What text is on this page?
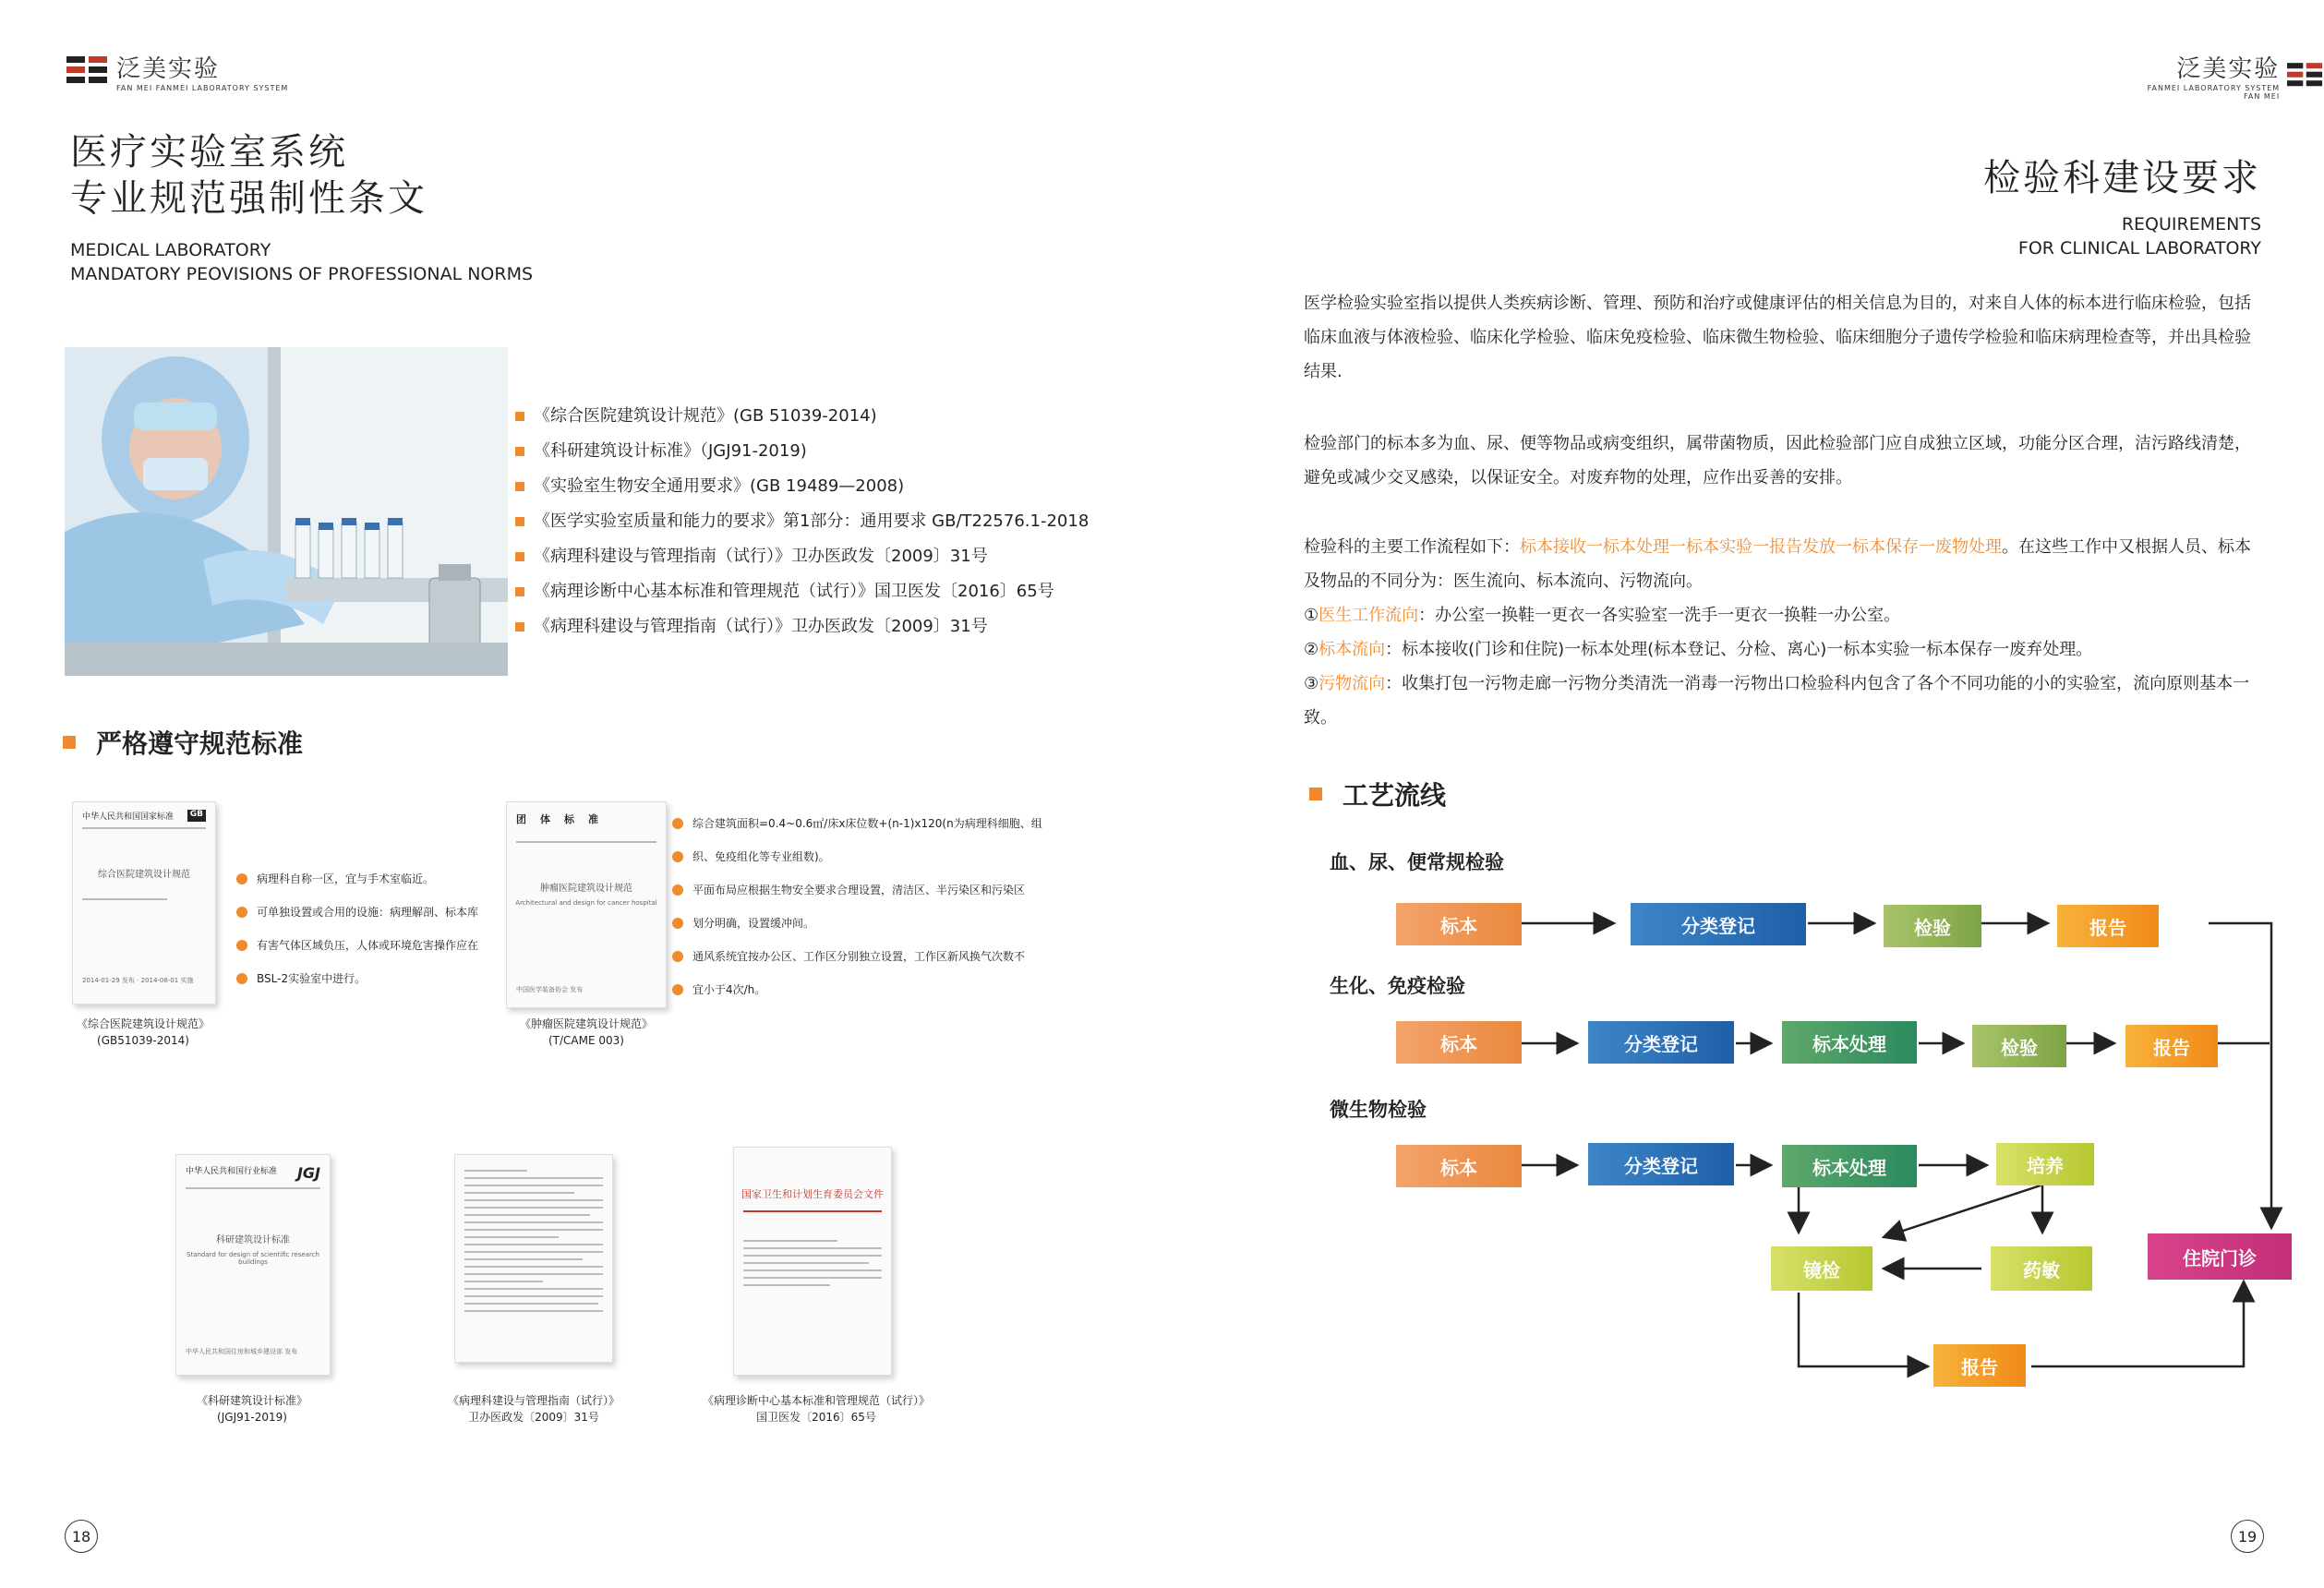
泛美实验
FAN MEI FANMEI LABORATORY SYSTEM
医疗实验室系统
专业规范强制性条文
MEDICAL LABORATORY
MANDATORY PEOVISIONS OF PROFESSIONAL NORMS
《综合医院建筑设计规范》(GB 51039-2014)
《科研建筑设计标准》（JGJ91-2019)
《实验室生物安全通用要求》(GB 19489—2008)
《医学实验室质量和能力的要求》第1部分：通用要求 GB/T22576.1-2018
《病理科建设与管理指南（试行）》卫办医政发〔2009〕31号
《病理诊断中心基本标准和管理规范（试行）》国卫医发〔2016〕65号
《病理科建设与管理指南（试行）》卫办医政发〔2009〕31号
严格遵守规范标准
中华人民共和国国家标准	GB
综合医院建筑设计规范
2014-01-29 发布 · 2014-08-01 实施
《综合医院建筑设计规范》
(GB51039-2014)
病理科自称一区，宜与手术室临近。
可单独设置或合用的设施：病理解剖、标本库
有害气体区域负压，人体或环境危害操作应在
BSL-2实验室中进行。
团　体　标　准
肿瘤医院建筑设计规范
Architectural and design for cancer hospital
中国医学装备协会 发布
《肿瘤医院建筑设计规范》
(T/CAME 003)
综合建筑面积=0.4~0.6㎡/床x床位数+(n-1)x120(n为病理科细胞、组
织、免疫组化等专业组数)。
平面布局应根据生物安全要求合理设置，清洁区、半污染区和污染区
划分明确，设置缓冲间。
通风系统宜按办公区、工作区分别独立设置，工作区新风换气次数不
宜小于4次/h。
中华人民共和国行业标准 JGJ
科研建筑设计标准
Standard for design of scientific research buildings
中华人民共和国住房和城乡建设部 发布
《科研建筑设计标准》
(JGJ91-2019)
《病理科建设与管理指南（试行）》
卫办医政发〔2009〕31号
国家卫生和计划生育委员会文件
《病理诊断中心基本标准和管理规范（试行）》
国卫医发〔2016〕65号
18
泛美实验
FANMEI LABORATORY SYSTEM FAN MEI
检验科建设要求
REQUIREMENTS
FOR CLINICAL LABORATORY
医学检验实验室指以提供人类疾病诊断、管理、预防和治疗或健康评估的相关信息为目的，对来自人体的标本进行临床检验，包括临床血液与体液检验、临床化学检验、临床免疫检验、临床微生物检验、临床细胞分子遗传学检验和临床病理检查等，并出具检验结果.
检验部门的标本多为血、尿、便等物品或病变组织，属带菌物质，因此检验部门应自成独立区域，功能分区合理，洁污路线清楚，避免或减少交叉感染，以保证安全。对废弃物的处理，应作出妥善的安排。
检验科的主要工作流程如下：标本接收一标本处理一标本实验一报告发放一标本保存一废物处理。在这些工作中又根据人员、标本及物品的不同分为：医生流向、标本流向、污物流向。
①医生工作流向：办公室一换鞋一更衣一各实验室一洗手一更衣一换鞋一办公室。
②标本流向：标本接收(门诊和住院)一标本处理(标本登记、分检、离心)一标本实验一标本保存一废弃处理。
③污物流向：收集打包一污物走廊一污物分类清洗一消毒一污物出口检验科内包含了各个不同功能的小的实验室，流向原则基本一致。
工艺流线
血、尿、便常规检验
生化、免疫检验
微生物检验
标本	分类登记	检验	报告
标本	分类登记	标本处理	检验	报告
标本	分类登记	标本处理	培养
镜检	药敏
报告
住院门诊
19
